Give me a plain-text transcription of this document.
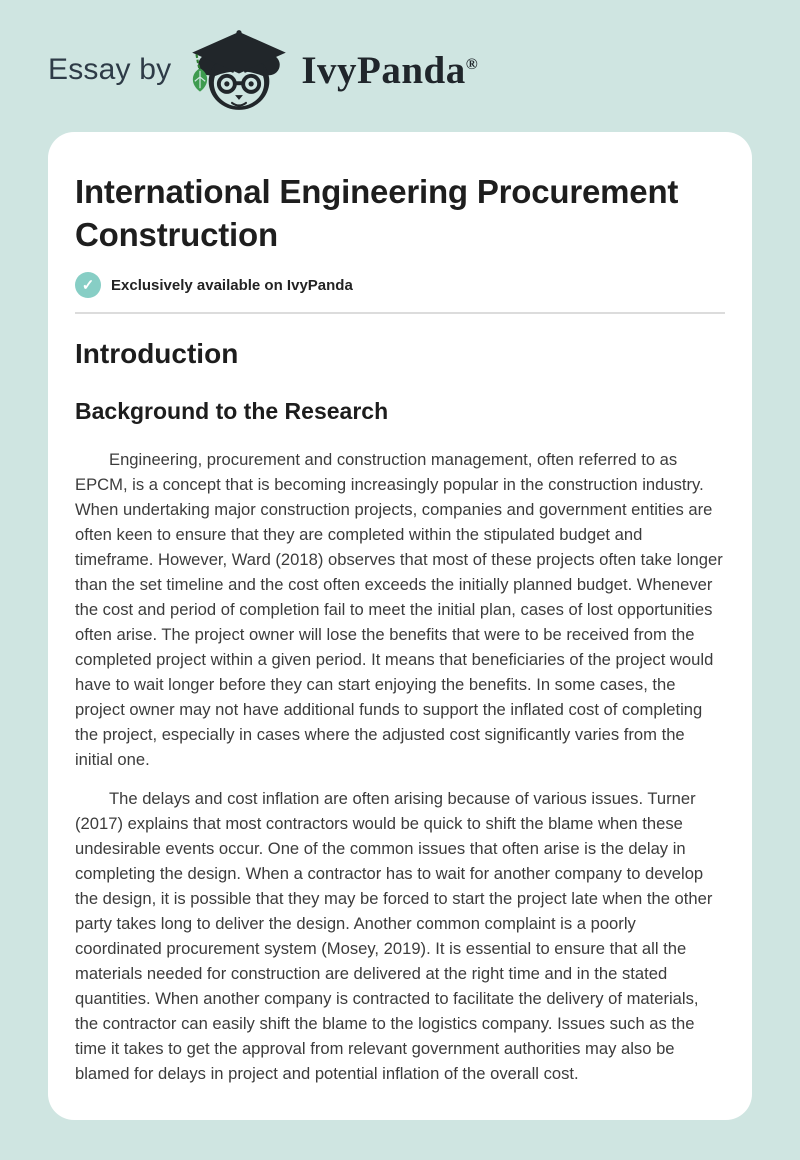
Essay by	IvyPanda®
International Engineering Procurement Construction
✓	Exclusively available on IvyPanda
Introduction
Background to the Research

Engineering, procurement and construction management, often referred to as EPCM, is a concept that is becoming increasingly popular in the construction industry. When undertaking major construction projects, companies and government entities are often keen to ensure that they are completed within the stipulated budget and timeframe. However, Ward (2018) observes that most of these projects often take longer than the set timeline and the cost often exceeds the initially planned budget. Whenever the cost and period of completion fail to meet the initial plan, cases of lost opportunities often arise. The project owner will lose the benefits that were to be received from the completed project within a given period. It means that beneficiaries of the project would have to wait longer before they can start enjoying the benefits. In some cases, the project owner may not have additional funds to support the inflated cost of completing the project, especially in cases where the adjusted cost significantly varies from the initial one.

The delays and cost inflation are often arising because of various issues. Turner (2017) explains that most contractors would be quick to shift the blame when these undesirable events occur. One of the common issues that often arise is the delay in completing the design. When a contractor has to wait for another company to develop the design, it is possible that they may be forced to start the project late when the other party takes long to deliver the design. Another common complaint is a poorly coordinated procurement system (Mosey, 2019). It is essential to ensure that all the materials needed for construction are delivered at the right time and in the stated quantities. When another company is contracted to facilitate the delivery of materials, the contractor can easily shift the blame to the logistics company. Issues such as the time it takes to get the approval from relevant government authorities may also be blamed for delays in project and potential inflation of the overall cost.
